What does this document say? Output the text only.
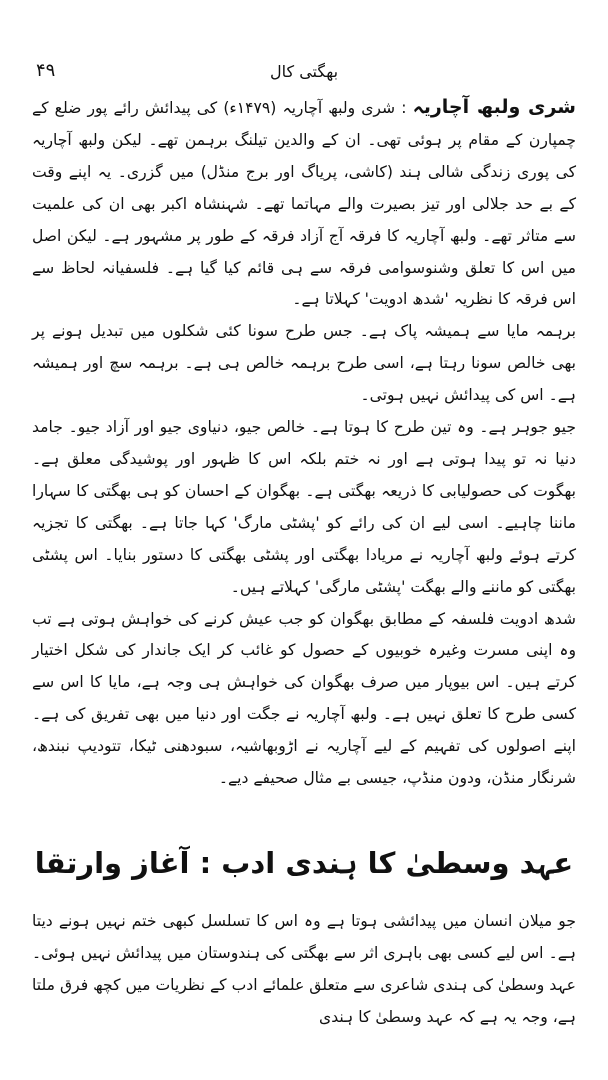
۴۹	بھگتی کال

شری ولبھ آچاریہ : شری ولبھ آچاریہ (۱۴۷۹ء) کی پیدائش رائے پور ضلع کے چمپارن کے مقام پر ہوئی تھی۔ ان کے والدین تیلنگ برہمن تھے۔ لیکن ولبھ آچاریہ کی پوری زندگی شالی ہند (کاشی، پریاگ اور برج منڈل) میں گزری۔ یہ اپنے وقت کے بے حد جلالی اور تیز بصیرت والے مہاتما تھے۔ شہنشاہ اکبر بھی ان کی علمیت سے متاثر تھے۔ ولبھ آچاریہ کا فرقہ آج آزاد فرقہ کے طور پر مشہور ہے۔ لیکن اصل میں اس کا تعلق وشنوسوامی فرقہ سے ہی قائم کیا گیا ہے۔ فلسفیانہ لحاظ سے اس فرقہ کا نظریہ 'شدھ ادویت' کہلاتا ہے۔

برہمہ مایا سے ہمیشہ پاک ہے۔ جس طرح سونا کئی شکلوں میں تبدیل ہونے پر بھی خالص سونا رہتا ہے، اسی طرح برہمہ خالص ہی ہے۔ برہمہ سچ اور ہمیشہ ہے۔ اس کی پیدائش نہیں ہوتی۔

جیو جوہر ہے۔ وہ تین طرح کا ہوتا ہے۔ خالص جیو، دنیاوی جیو اور آزاد جیو۔ جامد دنیا نہ تو پیدا ہوتی ہے اور نہ ختم بلکہ اس کا ظہور اور پوشیدگی معلق ہے۔ بھگوت کی حصولیابی کا ذریعہ بھگتی ہے۔ بھگوان کے احسان کو ہی بھگتی کا سہارا ماننا چاہیے۔ اسی لیے ان کی رائے کو 'پشٹی مارگ' کہا جاتا ہے۔ بھگتی کا تجزیہ کرتے ہوئے ولبھ آچاریہ نے مریادا بھگتی اور پشٹی بھگتی کا دستور بنایا۔ اس پشٹی بھگتی کو ماننے والے بھگت 'پشٹی مارگی' کہلاتے ہیں۔

شدھ ادویت فلسفہ کے مطابق بھگوان کو جب عیش کرنے کی خواہش ہوتی ہے تب وہ اپنی مسرت وغیرہ خوبیوں کے حصول کو غائب کر ایک جاندار کی شکل اختیار کرتے ہیں۔ اس بیوپار میں صرف بھگوان کی خواہش ہی وجہ ہے، مایا کا اس سے کسی طرح کا تعلق نہیں ہے۔ ولبھ آچاریہ نے جگت اور دنیا میں بھی تفریق کی ہے۔ اپنے اصولوں کی تفہیم کے لیے آچاریہ نے اڑوبھاشیہ، سبودھنی ٹیکا، تتودیپ نبندھ، شرنگار منڈن، ودون منڈپ، جیسی بے مثال صحیفے دیے۔

عہد وسطیٰ کا ہندی ادب : آغاز وارتقا

جو میلان انسان میں پیدائشی ہوتا ہے وہ اس کا تسلسل کبھی ختم نہیں ہونے دیتا ہے۔ اس لیے کسی بھی باہری اثر سے بھگتی کی ہندوستان میں پیدائش نہیں ہوئی۔ عہد وسطیٰ کی ہندی شاعری سے متعلق علمائے ادب کے نظریات میں کچھ فرق ملتا ہے، وجہ یہ ہے کہ عہد وسطیٰ کا ہندی
